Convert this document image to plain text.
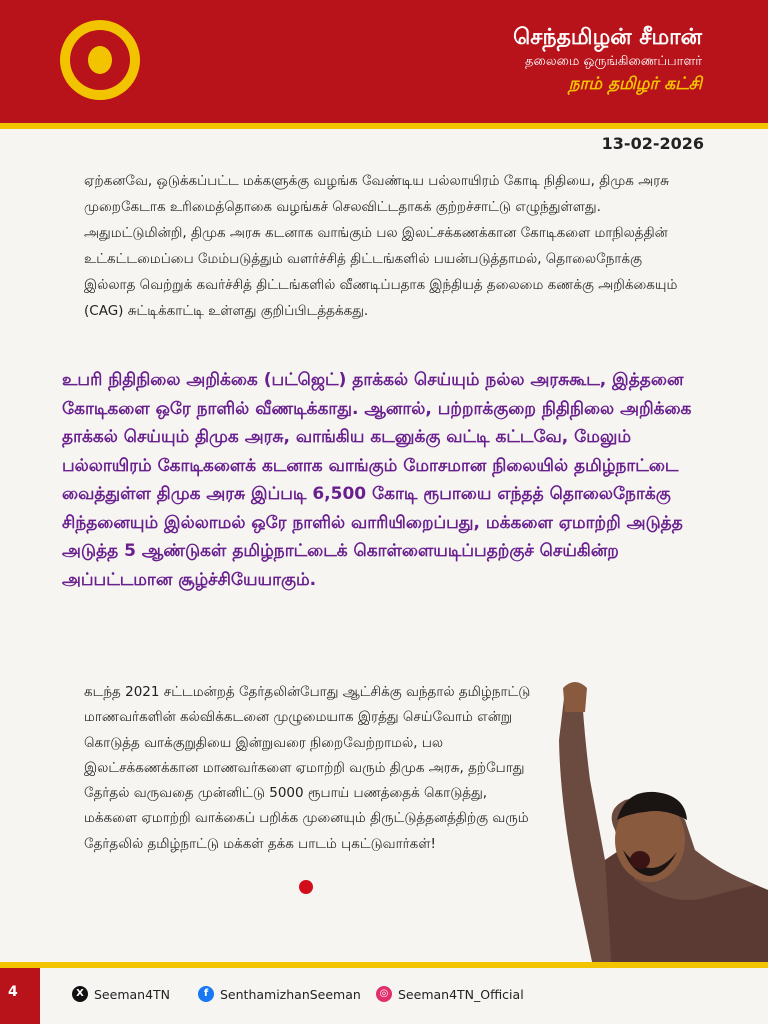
செந்தமிழன் சீமான்
தலைமை ஒருங்கிணைப்பாளர்
நாம் தமிழர் கட்சி
13-02-2026
ஏற்கனவே, ஒடுக்கப்பட்ட மக்களுக்கு வழங்க வேண்டிய பல்லாயிரம் கோடி நிதியை, திமுக அரசு முறைகேடாக உரிமைத்தொகை வழங்கச் செலவிட்டதாகக் குற்றச்சாட்டு எழுந்துள்ளது. அதுமட்டுமின்றி, திமுக அரசு கடனாக வாங்கும் பல இலட்சக்கணக்கான கோடிகளை மாநிலத்தின் உட்கட்டமைப்பை மேம்படுத்தும் வளர்ச்சித் திட்டங்களில் பயன்படுத்தாமல், தொலைநோக்கு இல்லாத வெற்றுக் கவர்ச்சித் திட்டங்களில் வீணடிப்பதாக இந்தியத் தலைமை கணக்கு அறிக்கையும் (CAG) சுட்டிக்காட்டி உள்ளது குறிப்பிடத்தக்கது.
உபரி நிதிநிலை அறிக்கை (பட்ஜெட்) தாக்கல் செய்யும் நல்ல அரசுகூட, இத்தனை கோடிகளை ஒரே நாளில் வீணடிக்காது. ஆனால், பற்றாக்குறை நிதிநிலை அறிக்கை தாக்கல் செய்யும் திமுக அரசு, வாங்கிய கடனுக்கு வட்டி கட்டவே, மேலும் பல்லாயிரம் கோடிகளைக் கடனாக வாங்கும் மோசமான நிலையில் தமிழ்நாட்டை வைத்துள்ள திமுக அரசு இப்படி 6,500 கோடி ரூபாயை எந்தத் தொலைநோக்கு சிந்தனையும் இல்லாமல் ஒரே நாளில் வாரியிறைப்பது, மக்களை ஏமாற்றி அடுத்த அடுத்த 5 ஆண்டுகள் தமிழ்நாட்டைக் கொள்ளையடிப்பதற்குச் செய்கின்ற அப்பட்டமான சூழ்ச்சியேயாகும்.
கடந்த 2021 சட்டமன்றத் தேர்தலின்போது ஆட்சிக்கு வந்தால் தமிழ்நாட்டு மாணவர்களின் கல்விக்கடனை முழுமையாக இரத்து செய்வோம் என்று கொடுத்த வாக்குறுதியை இன்றுவரை நிறைவேற்றாமல், பல இலட்சக்கணக்கான மாணவர்களை ஏமாற்றி வரும் திமுக அரசு, தற்போது தேர்தல் வருவதை முன்னிட்டு 5000 ரூபாய் பணத்தைக் கொடுத்து, மக்களை ஏமாற்றி வாக்கைப் பறிக்க முனையும் திருட்டுத்தனத்திற்கு வரும் தேர்தலில் தமிழ்நாட்டு மக்கள் தக்க பாடம் புகட்டுவார்கள்!
4	X Seeman4TN	f SenthamizhanSeeman	◎ Seeman4TN_Official
